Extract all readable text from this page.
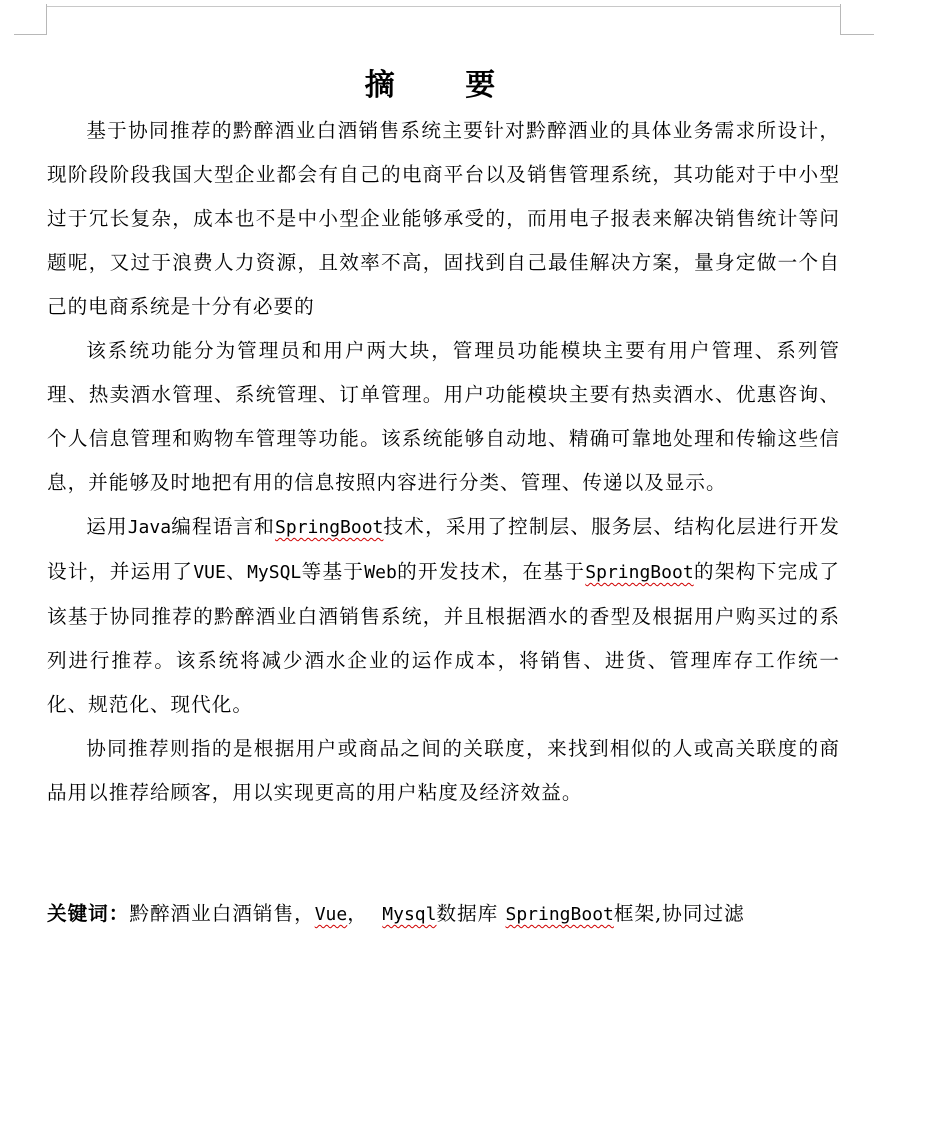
摘 要

基于协同推荐的黔醉酒业白酒销售系统主要针对黔醉酒业的具体业务需求所设计，现阶段阶段我国大型企业都会有自己的电商平台以及销售管理系统，其功能对于中小型过于冗长复杂，成本也不是中小型企业能够承受的，而用电子报表来解决销售统计等问题呢，又过于浪费人力资源，且效率不高，固找到自己最佳解决方案，量身定做一个自己的电商系统是十分有必要的

该系统功能分为管理员和用户两大块，管理员功能模块主要有用户管理、系列管理、热卖酒水管理、系统管理、订单管理。用户功能模块主要有热卖酒水、优惠咨询、个人信息管理和购物车管理等功能。该系统能够自动地、精确可靠地处理和传输这些信息，并能够及时地把有用的信息按照内容进行分类、管理、传递以及显示。

运用Java编程语言和SpringBoot技术，采用了控制层、服务层、结构化层进行开发设计，并运用了VUE、MySQL等基于Web的开发技术，在基于SpringBoot的架构下完成了该基于协同推荐的黔醉酒业白酒销售系统，并且根据酒水的香型及根据用户购买过的系列进行推荐。该系统将减少酒水企业的运作成本，将销售、进货、管理库存工作统一化、规范化、现代化。

协同推荐则指的是根据用户或商品之间的关联度，来找到相似的人或高关联度的商品用以推荐给顾客，用以实现更高的用户粘度及经济效益。

关键词：黔醉酒业白酒销售，Vue， Mysql数据库 SpringBoot框架,协同过滤
